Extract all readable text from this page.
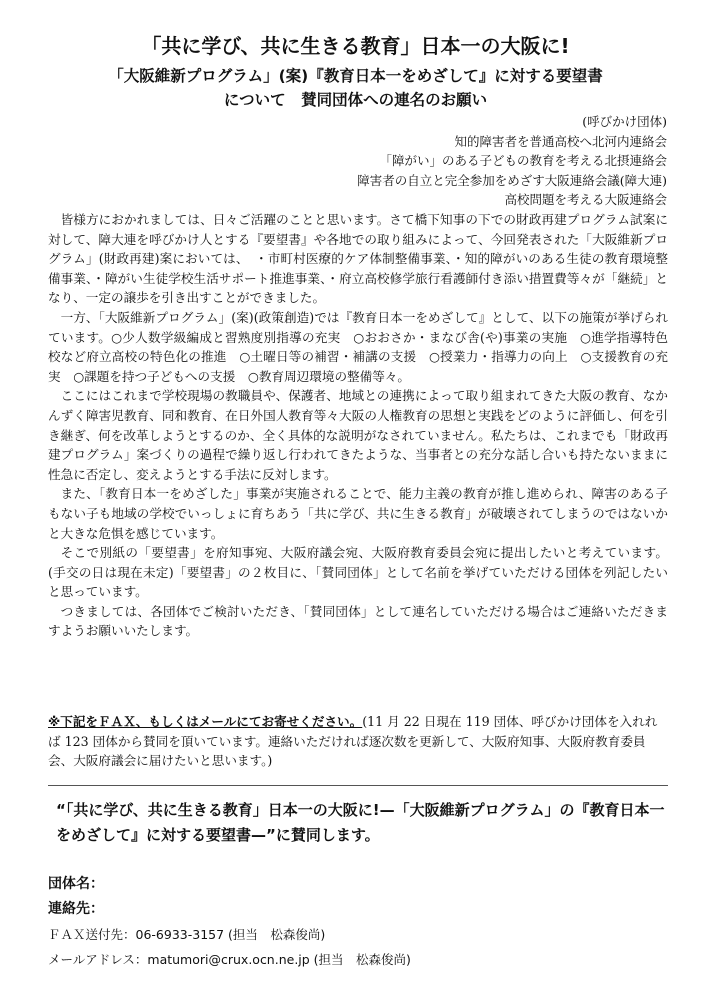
「共に学び、共に生きる教育」日本一の大阪に!
「大阪維新プログラム」(案)『教育日本一をめざして』に対する要望書
について　賛同団体への連名のお願い
(呼びかけ団体)
知的障害者を普通高校へ北河内連絡会
「障がい」のある子どもの教育を考える北摂連絡会
障害者の自立と完全参加をめざす大阪連絡会議(障大連)
高校問題を考える大阪連絡会

皆様方におかれましては、日々ご活躍のことと思います。さて橋下知事の下での財政再建プログラム試案に対して、障大連を呼びかけ人とする『要望書』や各地での取り組みによって、今回発表された「大阪維新プログラム」(財政再建)案においては、　・市町村医療的ケア体制整備事業、・知的障がいのある生徒の教育環境整備事業、・障がい生徒学校生活サポート推進事業、・府立高校修学旅行看護師付き添い措置費等々が「継続」となり、一定の譲歩を引き出すことができました。

一方、「大阪維新プログラム」(案)(政策創造)では『教育日本一をめざして』として、以下の施策が挙げられています。○少人数学級編成と習熟度別指導の充実　○おおさか・まなび舎(や)事業の実施　○進学指導特色校など府立高校の特色化の推進　○土曜日等の補習・補講の支援　○授業力・指導力の向上　○支援教育の充実　○課題を持つ子どもへの支援　○教育周辺環境の整備等々。

ここにはこれまで学校現場の教職員や、保護者、地域との連携によって取り組まれてきた大阪の教育、なかんずく障害児教育、同和教育、在日外国人教育等々大阪の人権教育の思想と実践をどのように評価し、何を引き継ぎ、何を改革しようとするのか、全く具体的な説明がなされていません。私たちは、これまでも「財政再建プログラム」案づくりの過程で繰り返し行われてきたような、当事者との充分な話し合いも持たないままに性急に否定し、変えようとする手法に反対します。

また、「教育日本一をめざした」事業が実施されることで、能力主義の教育が推し進められ、障害のある子もない子も地域の学校でいっしょに育ちあう「共に学び、共に生きる教育」が破壊されてしまうのではないかと大きな危惧を感じています。

そこで別紙の「要望書」を府知事宛、大阪府議会宛、大阪府教育委員会宛に提出したいと考えています。(手交の日は現在未定)「要望書」の２枚目に、「賛同団体」として名前を挙げていただける団体を列記したいと思っています。

つきましては、各団体でご検討いただき、「賛同団体」として連名していただける場合はご連絡いただきますようお願いいたします。

※下記をＦＡＸ、もしくはメールにてお寄せください。(11 月 22 日現在 119 団体、呼びかけ団体を入れれば 123 団体から賛同を頂いています。連絡いただければ逐次数を更新して、大阪府知事、大阪府教育委員会、大阪府議会に届けたいと思います。)
“「共に学び、共に生きる教育」日本一の大阪に!—「大阪維新プログラム」の『教育日本一をめざして』に対する要望書—”に賛同します。
団体名：
連絡先：
ＦＡＸ送付先：06-6933-3157 (担当　松森俊尚)
メールアドレス：matumori@crux.ocn.ne.jp (担当　松森俊尚)
